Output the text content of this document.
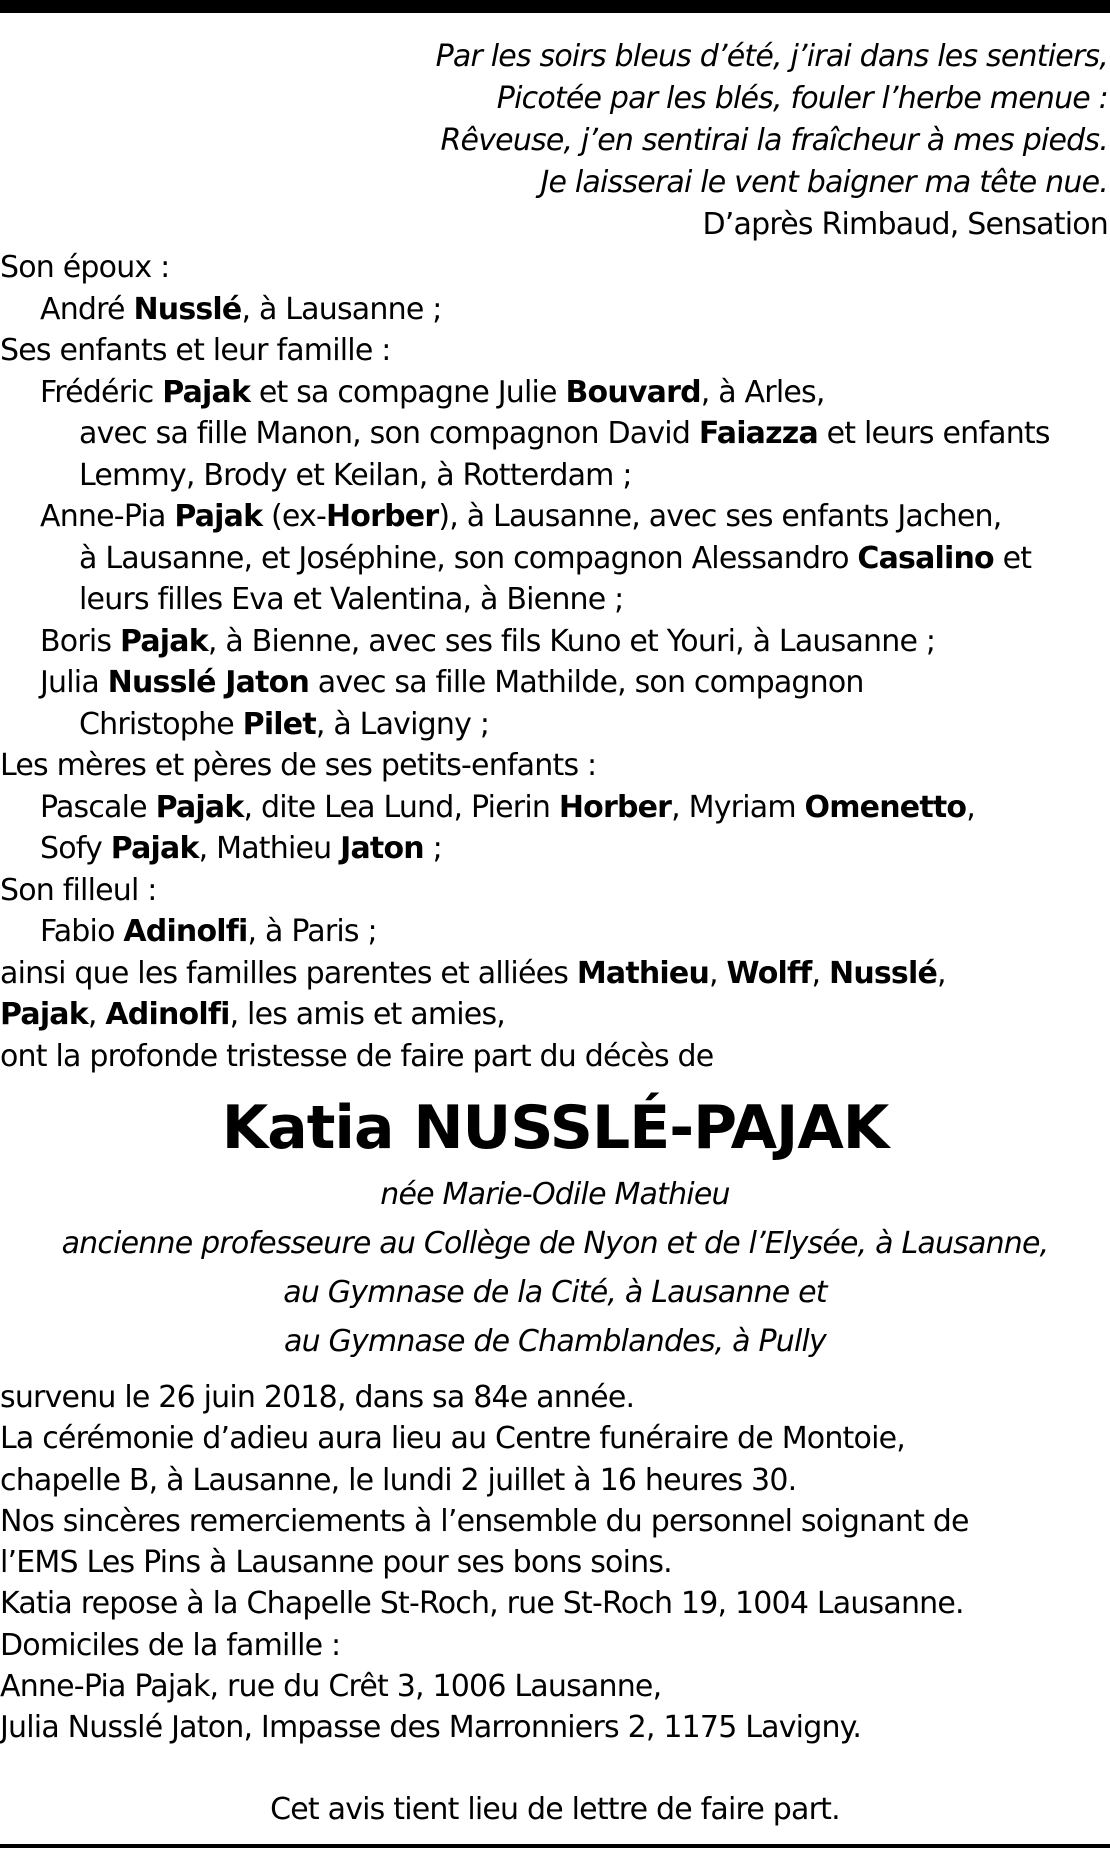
Par les soirs bleus d’été, j’irai dans les sentiers,
Picotée par les blés, fouler l’herbe menue :
Rêveuse, j’en sentirai la fraîcheur à mes pieds.
Je laisserai le vent baigner ma tête nue.
D’après Rimbaud, Sensation
Son époux :
André Nusslé, à Lausanne ;
Ses enfants et leur famille :
Frédéric Pajak et sa compagne Julie Bouvard, à Arles,
avec sa fille Manon, son compagnon David Faiazza et leurs enfants
Lemmy, Brody et Keilan, à Rotterdam ;
Anne-Pia Pajak (ex-Horber), à Lausanne, avec ses enfants Jachen,
à Lausanne, et Joséphine, son compagnon Alessandro Casalino et
leurs filles Eva et Valentina, à Bienne ;
Boris Pajak, à Bienne, avec ses fils Kuno et Youri, à Lausanne ;
Julia Nusslé Jaton avec sa fille Mathilde, son compagnon
Christophe Pilet, à Lavigny ;
Les mères et pères de ses petits-enfants :
Pascale Pajak, dite Lea Lund, Pierin Horber, Myriam Omenetto,
Sofy Pajak, Mathieu Jaton ;
Son filleul :
Fabio Adinolfi, à Paris ;
ainsi que les familles parentes et alliées Mathieu, Wolff, Nusslé,
Pajak, Adinolfi, les amis et amies,
ont la profonde tristesse de faire part du décès de
Katia NUSSLÉ-PAJAK
née Marie-Odile Mathieu
ancienne professeure au Collège de Nyon et de l’Elysée, à Lausanne,
au Gymnase de la Cité, à Lausanne et
au Gymnase de Chamblandes, à Pully
survenu le 26 juin 2018, dans sa 84e année.
La cérémonie d’adieu aura lieu au Centre funéraire de Montoie,
chapelle B, à Lausanne, le lundi 2 juillet à 16 heures 30.
Nos sincères remerciements à l’ensemble du personnel soignant de
l’EMS Les Pins à Lausanne pour ses bons soins.
Katia repose à la Chapelle St-Roch, rue St-Roch 19, 1004 Lausanne.
Domiciles de la famille :
Anne-Pia Pajak, rue du Crêt 3, 1006 Lausanne,
Julia Nusslé Jaton, Impasse des Marronniers 2, 1175 Lavigny.
Cet avis tient lieu de lettre de faire part.
